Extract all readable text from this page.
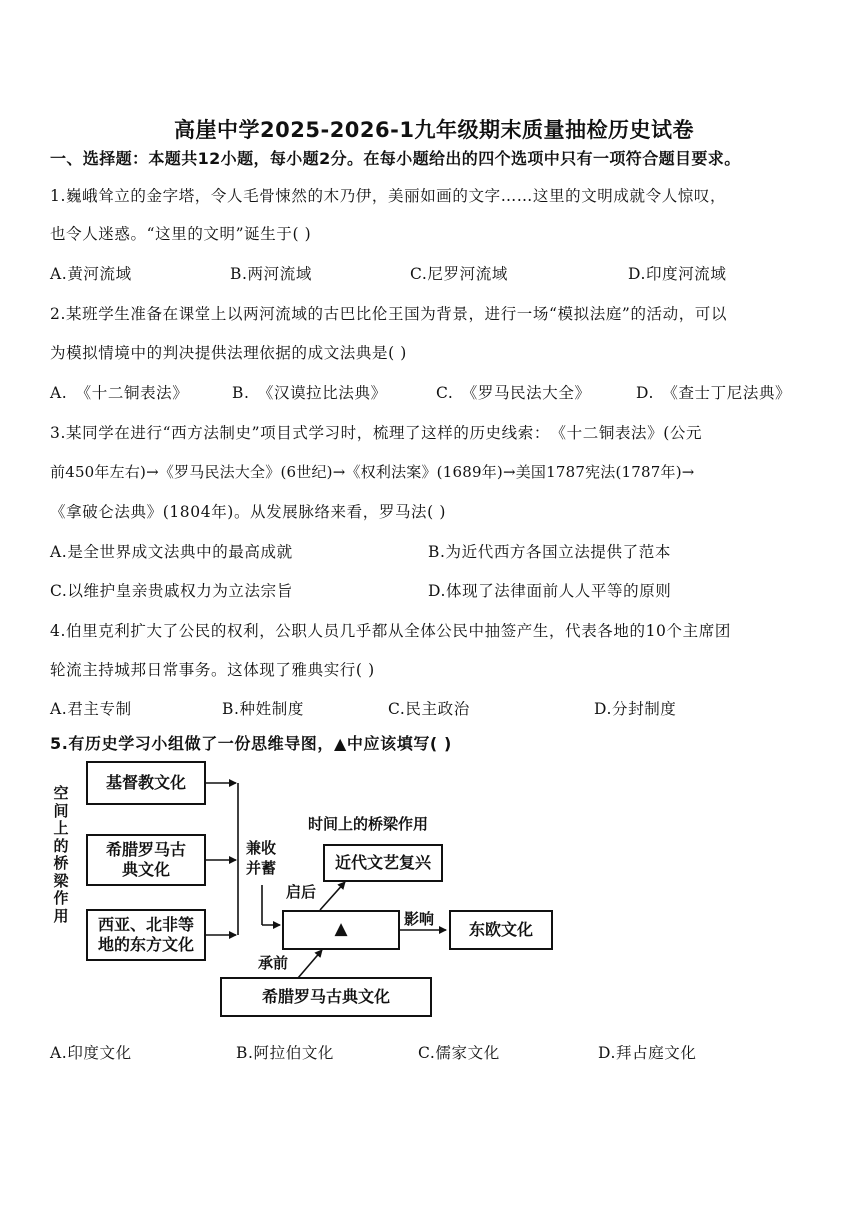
高崖中学2025-2026-1九年级期末质量抽检历史试卷
一、选择题：本题共12小题，每小题2分。在每小题给出的四个选项中只有一项符合题目要求。
1.巍峨耸立的金字塔，令人毛骨悚然的木乃伊，美丽如画的文字……这里的文明成就令人惊叹，
也令人迷惑。“这里的文明”诞生于( )
A.黄河流域	B.两河流域	C.尼罗河流域	D.印度河流域
2.某班学生准备在课堂上以两河流域的古巴比伦王国为背景，进行一场“模拟法庭”的活动，可以
为模拟情境中的判决提供法理依据的成文法典是( )
A.　《十二铜表法》	B.　《汉谟拉比法典》	C.　《罗马民法大全》	D.　《查士丁尼法典》
3.某同学在进行“西方法制史”项目式学习时，梳理了这样的历史线索：　《十二铜表法》(公元
前450年左右)→《罗马民法大全》(6世纪)→《权利法案》(1689年)→美国1787宪法(1787年)→
《拿破仑法典》(1804年)。从发展脉络来看，罗马法( )
A.是全世界成文法典中的最高成就	B.为近代西方各国立法提供了范本
C.以维护皇亲贵戚权力为立法宗旨	D.体现了法律面前人人平等的原则
4.伯里克利扩大了公民的权利，公职人员几乎都从全体公民中抽签产生，代表各地的10个主席团
轮流主持城邦日常事务。这体现了雅典实行( )
A.君主专制	B.种姓制度	C.民主政治	D.分封制度
5.有历史学习小组做了一份思维导图，▲中应该填写( )
空间上的桥梁作用
基督教文化
希腊罗马古典文化
西亚、北非等地的东方文化
兼收并蓄
时间上的桥梁作用
近代文艺复兴
启后
▲
影响
东欧文化
承前
希腊罗马古典文化
A.印度文化	B.阿拉伯文化	C.儒家文化	D.拜占庭文化
